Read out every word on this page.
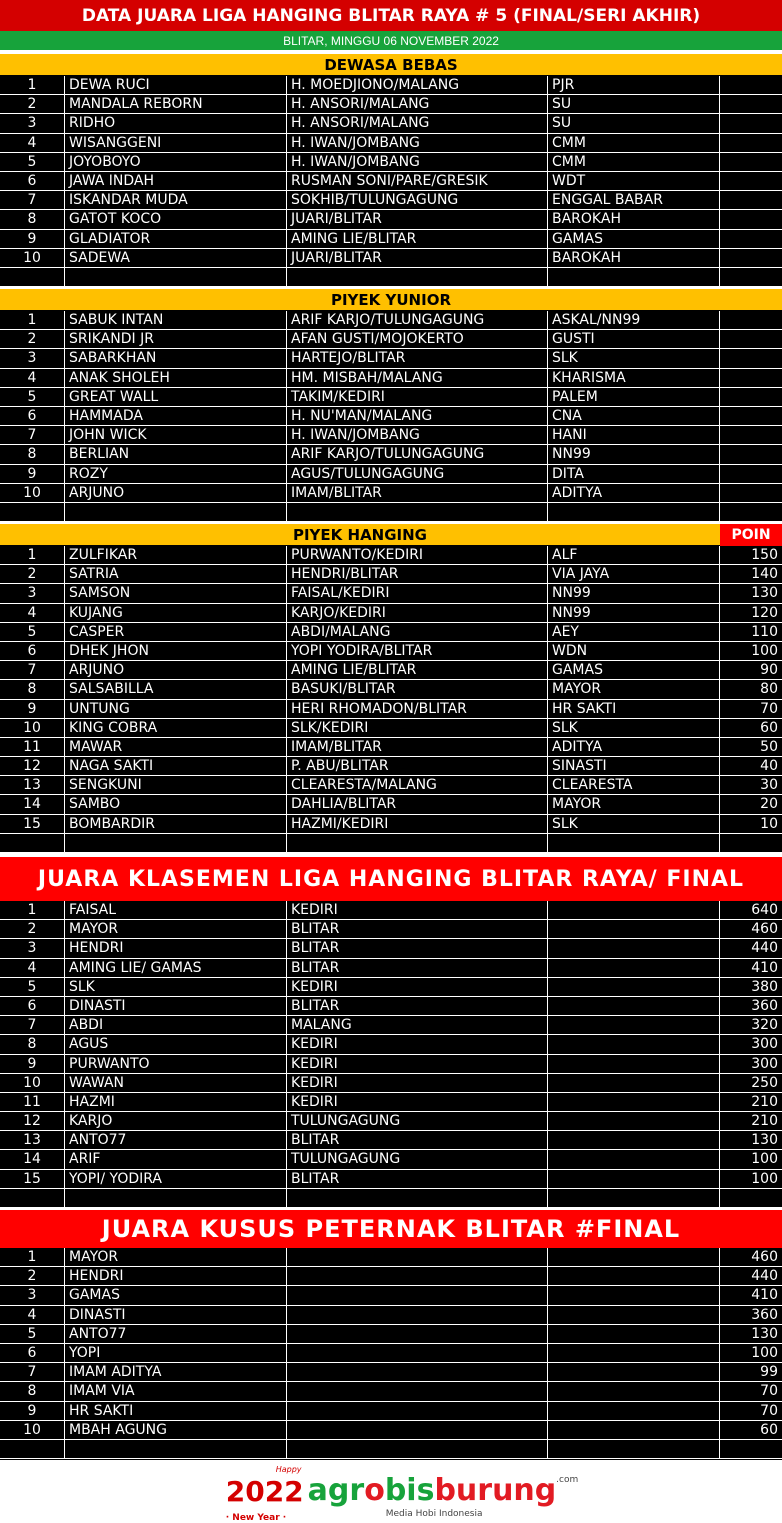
DATA JUARA LIGA HANGING BLITAR RAYA # 5 (FINAL/SERI AKHIR)
BLITAR, MINGGU 06 NOVEMBER 2022
DEWASA BEBAS
1	DEWA RUCI	H. MOEDJIONO/MALANG	PJR
2	MANDALA REBORN	H. ANSORI/MALANG	SU
3	RIDHO	H. ANSORI/MALANG	SU
4	WISANGGENI	H. IWAN/JOMBANG	CMM
5	JOYOBOYO	H. IWAN/JOMBANG	CMM
6	JAWA INDAH	RUSMAN SONI/PARE/GRESIK	WDT
7	ISKANDAR MUDA	SOKHIB/TULUNGAGUNG	ENGGAL BABAR
8	GATOT KOCO	JUARI/BLITAR	BAROKAH
9	GLADIATOR	AMING LIE/BLITAR	GAMAS
10	SADEWA	JUARI/BLITAR	BAROKAH
PIYEK YUNIOR
1	SABUK INTAN	ARIF KARJO/TULUNGAGUNG	ASKAL/NN99
2	SRIKANDI JR	AFAN GUSTI/MOJOKERTO	GUSTI
3	SABARKHAN	HARTEJO/BLITAR	SLK
4	ANAK SHOLEH	HM. MISBAH/MALANG	KHARISMA
5	GREAT WALL	TAKIM/KEDIRI	PALEM
6	HAMMADA	H. NU'MAN/MALANG	CNA
7	JOHN WICK	H. IWAN/JOMBANG	HANI
8	BERLIAN	ARIF KARJO/TULUNGAGUNG	NN99
9	ROZY	AGUS/TULUNGAGUNG	DITA
10	ARJUNO	IMAM/BLITAR	ADITYA
PIYEK HANGING	POIN
1	ZULFIKAR	PURWANTO/KEDIRI	ALF	150
2	SATRIA	HENDRI/BLITAR	VIA JAYA	140
3	SAMSON	FAISAL/KEDIRI	NN99	130
4	KUJANG	KARJO/KEDIRI	NN99	120
5	CASPER	ABDI/MALANG	AEY	110
6	DHEK JHON	YOPI YODIRA/BLITAR	WDN	100
7	ARJUNO	AMING LIE/BLITAR	GAMAS	90
8	SALSABILLA	BASUKI/BLITAR	MAYOR	80
9	UNTUNG	HERI RHOMADON/BLITAR	HR SAKTI	70
10	KING COBRA	SLK/KEDIRI	SLK	60
11	MAWAR	IMAM/BLITAR	ADITYA	50
12	NAGA SAKTI	P. ABU/BLITAR	SINASTI	40
13	SENGKUNI	CLEARESTA/MALANG	CLEARESTA	30
14	SAMBO	DAHLIA/BLITAR	MAYOR	20
15	BOMBARDIR	HAZMI/KEDIRI	SLK	10
JUARA KLASEMEN LIGA HANGING BLITAR RAYA/ FINAL
1	FAISAL	KEDIRI	640
2	MAYOR	BLITAR	460
3	HENDRI	BLITAR	440
4	AMING LIE/ GAMAS	BLITAR	410
5	SLK	KEDIRI	380
6	DINASTI	BLITAR	360
7	ABDI	MALANG	320
8	AGUS	KEDIRI	300
9	PURWANTO	KEDIRI	300
10	WAWAN	KEDIRI	250
11	HAZMI	KEDIRI	210
12	KARJO	TULUNGAGUNG	210
13	ANTO77	BLITAR	130
14	ARIF	TULUNGAGUNG	100
15	YOPI/ YODIRA	BLITAR	100
JUARA KUSUS PETERNAK BLITAR #FINAL
1	MAYOR	460
2	HENDRI	440
3	GAMAS	410
4	DINASTI	360
5	ANTO77	130
6	YOPI	100
7	IMAM ADITYA	99
8	IMAM VIA	70
9	HR SAKTI	70
10	MBAH AGUNG	60
Happy
2022 agrobisburung .com
· New Year ·	Media Hobi Indonesia
